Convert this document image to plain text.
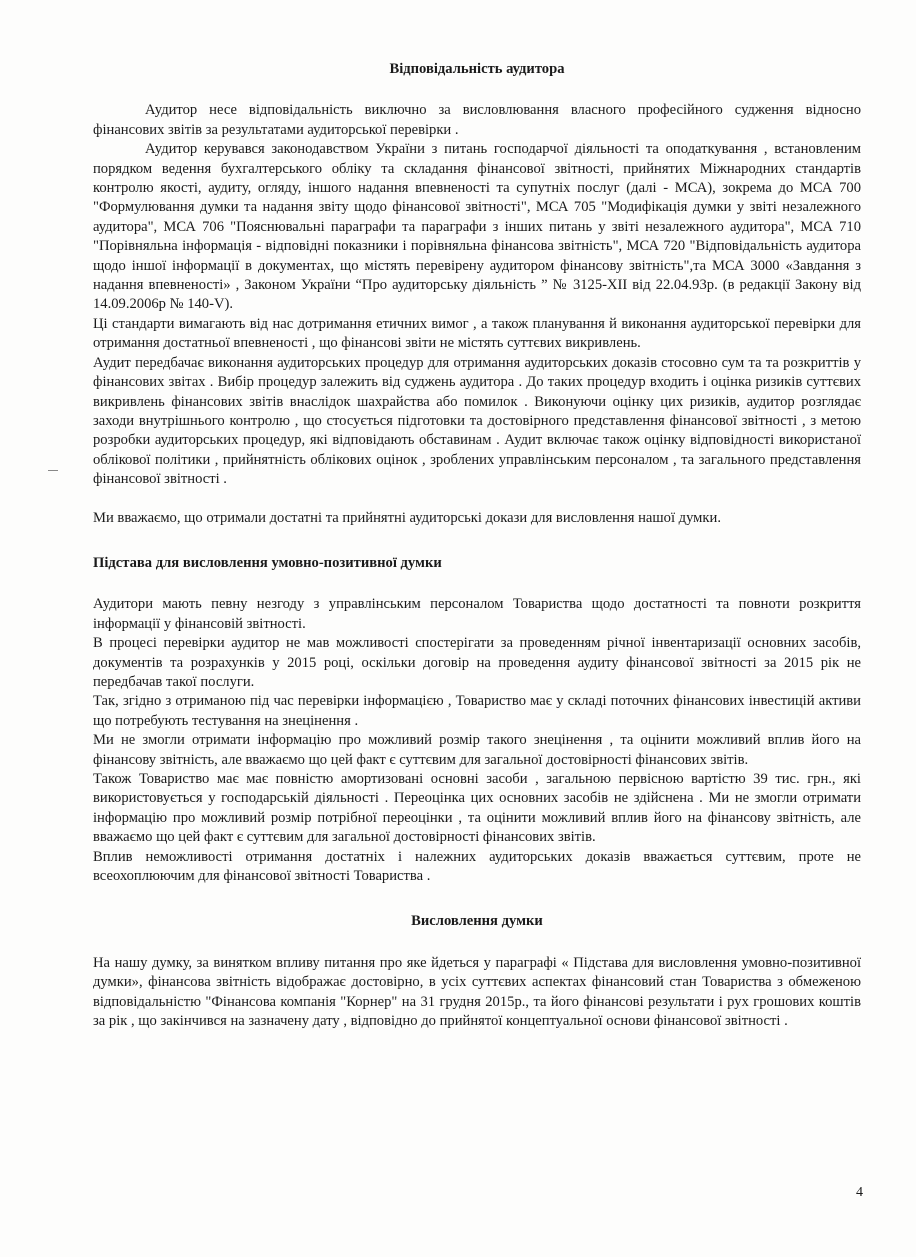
Відповідальність аудитора

Аудитор несе відповідальність виключно за висловлювання власного професійного судження відносно фінансових звітів за результатами аудиторської перевірки .

Аудитор керувався законодавством України з питань господарчої діяльності та оподаткування , встановленим порядком ведення бухгалтерського обліку та складання фінансової звітності, прийнятих Міжнародних стандартів контролю якості, аудиту, огляду, іншого надання впевненості та супутніх послуг (далі - МСА), зокрема до МСА 700 "Формулювання думки та надання звіту щодо фінансової звітності", МСА 705 "Модифікація думки у звіті незалежного аудитора", МСА 706 "Пояснювальні параграфи та параграфи з інших питань у звіті незалежного аудитора", МСА 710 "Порівняльна інформація - відповідні показники і порівняльна фінансова звітність", МСА 720 "Відповідальність аудитора щодо іншої інформації в документах, що містять перевірену аудитором фінансову звітність",та МСА 3000 «Завдання з надання впевненості» , Законом України “Про аудиторську діяльність ” № 3125-ХІІ від 22.04.93р. (в редакції Закону від 14.09.2006р № 140-V).

Ці стандарти вимагають від нас дотримання етичних вимог , а також планування й виконання аудиторської перевірки для отримання достатньої впевненості , що фінансові звіти не містять суттєвих викривлень.

Аудит передбачає виконання аудиторських процедур для отримання аудиторських доказів стосовно сум та та розкриттів у фінансових звітах . Вибір процедур залежить від суджень аудитора . До таких процедур входить і оцінка ризиків суттєвих викривлень фінансових звітів внаслідок шахрайства або помилок . Виконуючи оцінку цих ризиків, аудитор розглядає заходи внутрішнього контролю , що стосується підготовки та достовірного представлення фінансової звітності , з метою розробки аудиторських процедур, які відповідають обставинам . Аудит включає також оцінку відповідності використаної облікової політики , прийнятність облікових оцінок , зроблених управлінським персоналом , та загального представлення фінансової звітності .

Ми вважаємо, що отримали достатні та прийнятні аудиторські докази для висловлення нашої думки.

Підстава для висловлення умовно-позитивної думки

Аудитори мають певну незгоду з управлінським персоналом Товариства щодо достатності та повноти розкриття інформації у фінансовій звітності.

В процесі перевірки аудитор не мав можливості спостерігати за проведенням річної інвентаризації основних засобів, документів та розрахунків у 2015 році, оскільки договір на проведення аудиту фінансової звітності за 2015 рік не передбачав такої послуги.

Так, згідно з отриманою під час перевірки інформацією , Товариство має у складі поточних фінансових інвестицій активи що потребують тестування на знецінення .

Ми не змогли отримати інформацію про можливий розмір такого знецінення , та оцінити можливий вплив його на фінансову звітність, але вважаємо що цей факт є суттєвим для загальної достовірності фінансових звітів.

Також Товариство має має повністю амортизовані основні засоби , загальною первісною вартістю 39 тис. грн., які використовується у господарській діяльності . Переоцінка цих основних засобів не здійснена . Ми не змогли отримати інформацію про можливий розмір потрібної переоцінки , та оцінити можливий вплив його на фінансову звітність, але вважаємо що цей факт є суттєвим для загальної достовірності фінансових звітів.

Вплив неможливості отримання достатніх і належних аудиторських доказів вважається суттєвим, проте не всеохоплюючим для фінансової звітності Товариства .

Висловлення думки

На нашу думку, за винятком впливу питання про яке йдеться у параграфі « Підстава для висловлення умовно-позитивної думки», фінансова звітність відображає достовірно, в усіх суттєвих аспектах фінансовий стан Товариства з обмеженою відповідальністю "Фінансова компанія "Корнер" на 31 грудня 2015р., та його фінансові результати і рух грошових коштів за рік , що закінчився на зазначену дату , відповідно до прийнятої концептуальної основи фінансової звітності .

4
